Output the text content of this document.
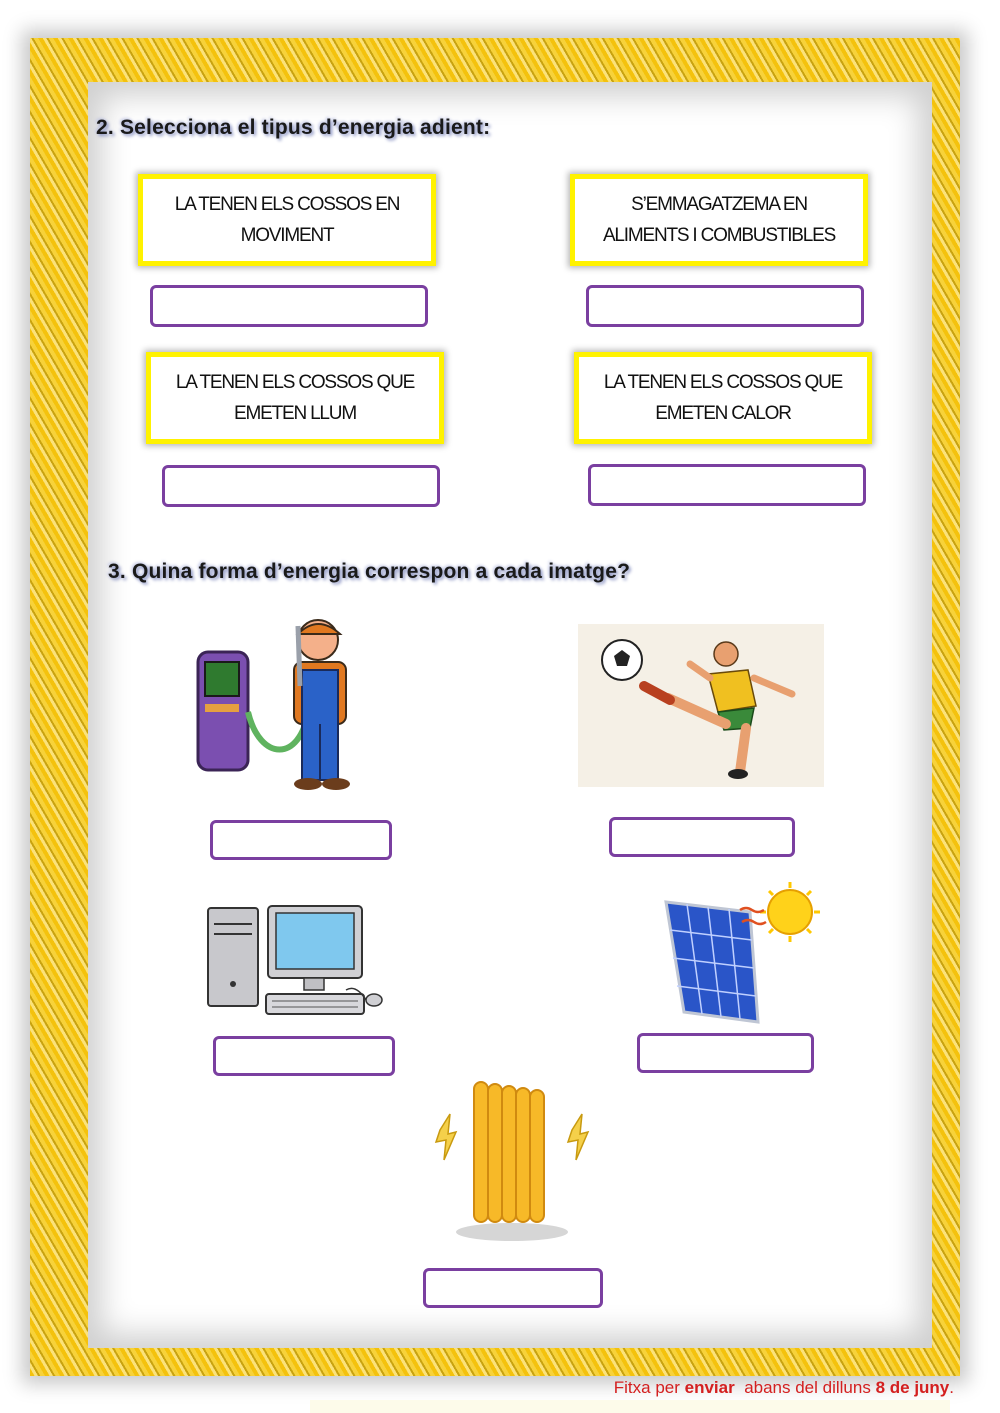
2. Selecciona el tipus d’energia adient:
LA TENEN ELS COSSOS EN
MOVIMENT
S’EMMAGATZEMA EN
ALIMENTS I COMBUSTIBLES
LA TENEN ELS COSSOS QUE
EMETEN LLUM
LA TENEN ELS COSSOS QUE
EMETEN CALOR
3. Quina forma d’energia correspon a cada imatge?
Fitxa per enviar abans del dilluns 8 de juny.
